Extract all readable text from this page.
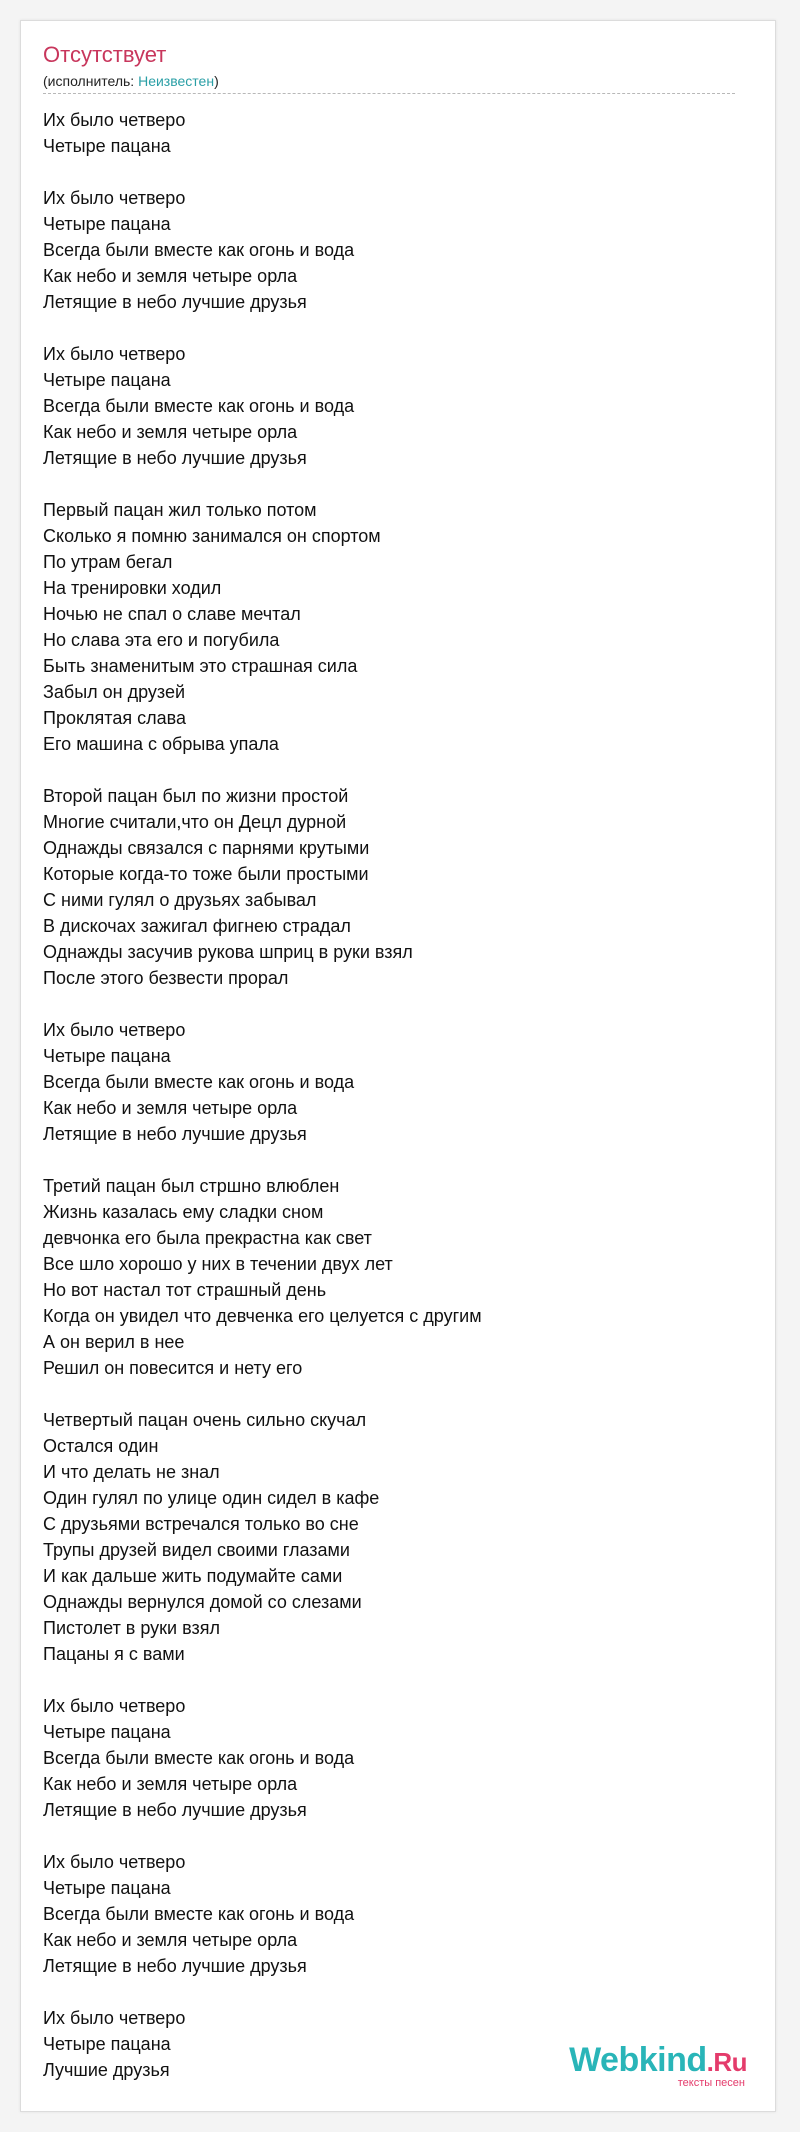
Отсутствует
(исполнитель: Неизвестен)
Их было четверо
Четыре пацана
Их было четверо
Четыре пацана
Всегда были вместе как огонь и вода
Как небо и земля четыре орла
Летящие в небо лучшие друзья
Их было четверо
Четыре пацана
Всегда были вместе как огонь и вода
Как небо и земля четыре орла
Летящие в небо лучшие друзья
Первый пацан жил только потом
Сколько я помню занимался он спортом
По утрам бегал
На тренировки ходил
Ночью не спал о славе мечтал
Но слава эта его и погубила
Быть знаменитым это страшная сила
Забыл он друзей
Проклятая слава
Его машина с обрыва упала
Второй пацан был по жизни простой
Многие считали,что он Децл дурной
Однажды связался с парнями крутыми
Которые когда-то тоже были простыми
С ними гулял о друзьях забывал
В дискочах зажигал фигнею страдал
Однажды засучив рукова шприц в руки взял
После этого безвести прорал
Их было четверо
Четыре пацана
Всегда были вместе как огонь и вода
Как небо и земля четыре орла
Летящие в небо лучшие друзья
Третий пацан был стршно влюблен
Жизнь казалась ему сладки сном
девчонка его была прекрастна как свет
Все шло хорошо у них в течении двух лет
Но вот настал тот страшный день
Когда он увидел что девченка его целуется с другим
А он верил в нее
Решил он повесится и нету его
Четвертый пацан очень сильно скучал
Остался один
И что делать не знал
Один гулял по улице один сидел в кафе
С друзьями встречался только во сне
Трупы друзей видел своими глазами
И как дальше жить подумайте сами
Однажды вернулся домой со слезами
Пистолет в руки взял
Пацаны я с вами
Их было четверо
Четыре пацана
Всегда были вместе как огонь и вода
Как небо и земля четыре орла
Летящие в небо лучшие друзья
Их было четверо
Четыре пацана
Всегда были вместе как огонь и вода
Как небо и земля четыре орла
Летящие в небо лучшие друзья
Их было четверо
Четыре пацана
Лучшие друзья	Webkind.Ru
тексты песен
